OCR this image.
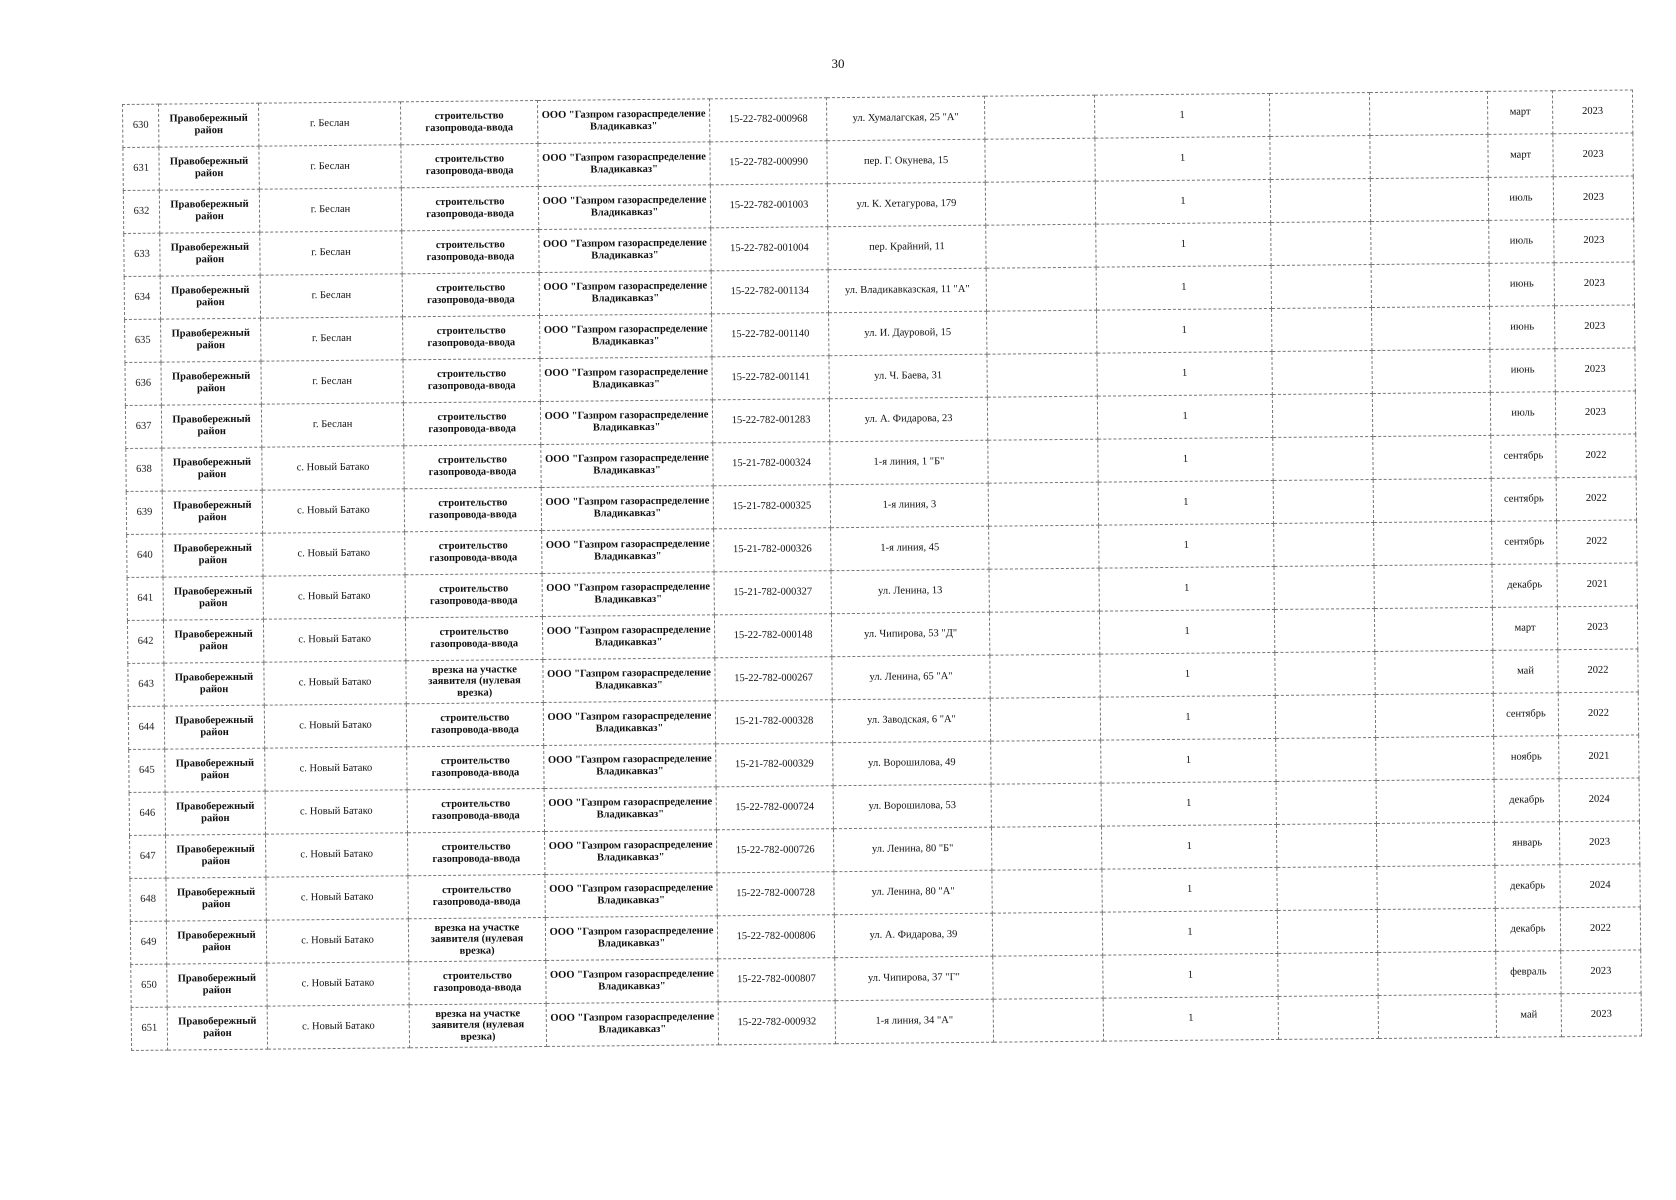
30
630	Правобережный район	г. Беслан	строительство газопровода-ввода	ООО "Газпром газораспределение Владикавказ"	15-22-782-000968	ул. Хумалагская, 25 "А"		1			март	2023
631	Правобережный район	г. Беслан	строительство газопровода-ввода	ООО "Газпром газораспределение Владикавказ"	15-22-782-000990	пер. Г. Окунева, 15		1			март	2023
632	Правобережный район	г. Беслан	строительство газопровода-ввода	ООО "Газпром газораспределение Владикавказ"	15-22-782-001003	ул. К. Хетагурова, 179		1			июль	2023
633	Правобережный район	г. Беслан	строительство газопровода-ввода	ООО "Газпром газораспределение Владикавказ"	15-22-782-001004	пер. Крайний, 11		1			июль	2023
634	Правобережный район	г. Беслан	строительство газопровода-ввода	ООО "Газпром газораспределение Владикавказ"	15-22-782-001134	ул. Владикавказская, 11 "А"		1			июнь	2023
635	Правобережный район	г. Беслан	строительство газопровода-ввода	ООО "Газпром газораспределение Владикавказ"	15-22-782-001140	ул. И. Дауровой, 15		1			июнь	2023
636	Правобережный район	г. Беслан	строительство газопровода-ввода	ООО "Газпром газораспределение Владикавказ"	15-22-782-001141	ул. Ч. Баева, 31		1			июнь	2023
637	Правобережный район	г. Беслан	строительство газопровода-ввода	ООО "Газпром газораспределение Владикавказ"	15-22-782-001283	ул. А. Фидарова, 23		1			июль	2023
638	Правобережный район	с. Новый Батако	строительство газопровода-ввода	ООО "Газпром газораспределение Владикавказ"	15-21-782-000324	1-я линия, 1 "Б"		1			сентябрь	2022
639	Правобережный район	с. Новый Батако	строительство газопровода-ввода	ООО "Газпром газораспределение Владикавказ"	15-21-782-000325	1-я линия, 3		1			сентябрь	2022
640	Правобережный район	с. Новый Батако	строительство газопровода-ввода	ООО "Газпром газораспределение Владикавказ"	15-21-782-000326	1-я линия, 45		1			сентябрь	2022
641	Правобережный район	с. Новый Батако	строительство газопровода-ввода	ООО "Газпром газораспределение Владикавказ"	15-21-782-000327	ул. Ленина, 13		1			декабрь	2021
642	Правобережный район	с. Новый Батако	строительство газопровода-ввода	ООО "Газпром газораспределение Владикавказ"	15-22-782-000148	ул. Чипирова, 53 "Д"		1			март	2023
643	Правобережный район	с. Новый Батако	врезка на участке заявителя (нулевая врезка)	ООО "Газпром газораспределение Владикавказ"	15-22-782-000267	ул. Ленина, 65 "А"		1			май	2022
644	Правобережный район	с. Новый Батако	строительство газопровода-ввода	ООО "Газпром газораспределение Владикавказ"	15-21-782-000328	ул. Заводская, 6 "А"		1			сентябрь	2022
645	Правобережный район	с. Новый Батако	строительство газопровода-ввода	ООО "Газпром газораспределение Владикавказ"	15-21-782-000329	ул. Ворошилова, 49		1			ноябрь	2021
646	Правобережный район	с. Новый Батако	строительство газопровода-ввода	ООО "Газпром газораспределение Владикавказ"	15-22-782-000724	ул. Ворошилова, 53		1			декабрь	2024
647	Правобережный район	с. Новый Батако	строительство газопровода-ввода	ООО "Газпром газораспределение Владикавказ"	15-22-782-000726	ул. Ленина, 80 "Б"		1			январь	2023
648	Правобережный район	с. Новый Батако	строительство газопровода-ввода	ООО "Газпром газораспределение Владикавказ"	15-22-782-000728	ул. Ленина, 80 "А"		1			декабрь	2024
649	Правобережный район	с. Новый Батако	врезка на участке заявителя (нулевая врезка)	ООО "Газпром газораспределение Владикавказ"	15-22-782-000806	ул. А. Фидарова, 39		1			декабрь	2022
650	Правобережный район	с. Новый Батако	строительство газопровода-ввода	ООО "Газпром газораспределение Владикавказ"	15-22-782-000807	ул. Чипирова, 37 "Г"		1			февраль	2023
651	Правобережный район	с. Новый Батако	врезка на участке заявителя (нулевая врезка)	ООО "Газпром газораспределение Владикавказ"	15-22-782-000932	1-я линия, 34 "А"		1			май	2023
